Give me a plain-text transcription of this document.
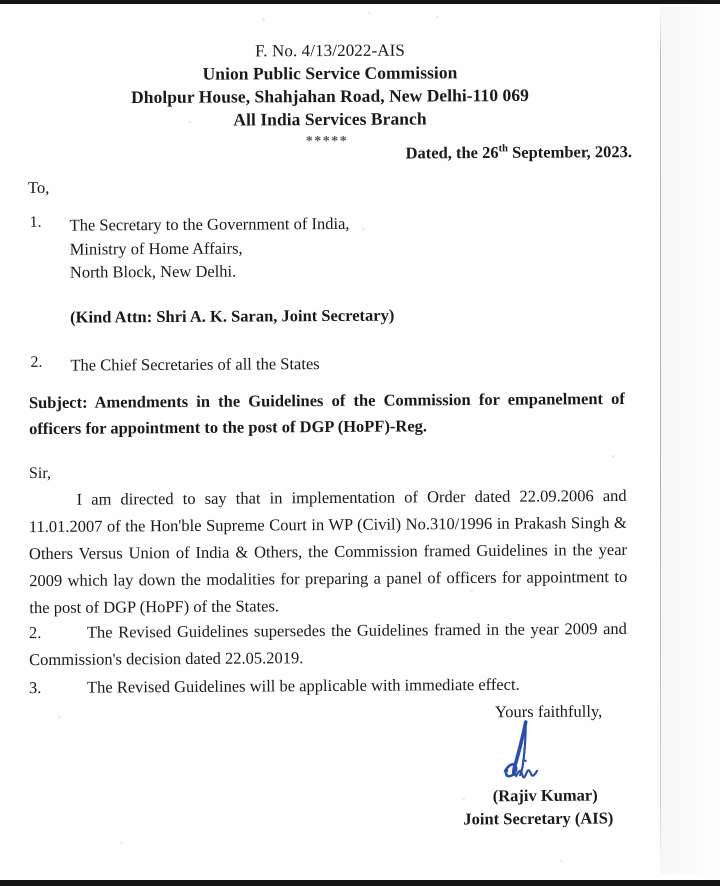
F. No. 4/13/2022-AIS
Union Public Service Commission
Dholpur House, Shahjahan Road, New Delhi-110 069
All India Services Branch
*****
Dated, the 26th September, 2023.
To,
1.	The Secretary to the Government of India,
Ministry of Home Affairs,
North Block, New Delhi.
(Kind Attn: Shri A. K. Saran, Joint Secretary)
2.	The Chief Secretaries of all the States
Subject: Amendments in the Guidelines of the Commission for empanelment of officers for appointment to the post of DGP (HoPF)-Reg.
Sir,
I am directed to say that in implementation of Order dated 22.09.2006 and 11.01.2007 of the Hon'ble Supreme Court in WP (Civil) No.310/1996 in Prakash Singh & Others Versus Union of India & Others, the Commission framed Guidelines in the year 2009 which lay down the modalities for preparing a panel of officers for appointment to the post of DGP (HoPF) of the States.
2.	The Revised Guidelines supersedes the Guidelines framed in the year 2009 and Commission's decision dated 22.05.2019.
3.	The Revised Guidelines will be applicable with immediate effect.
Yours faithfully,
(Rajiv Kumar)
Joint Secretary (AIS)
